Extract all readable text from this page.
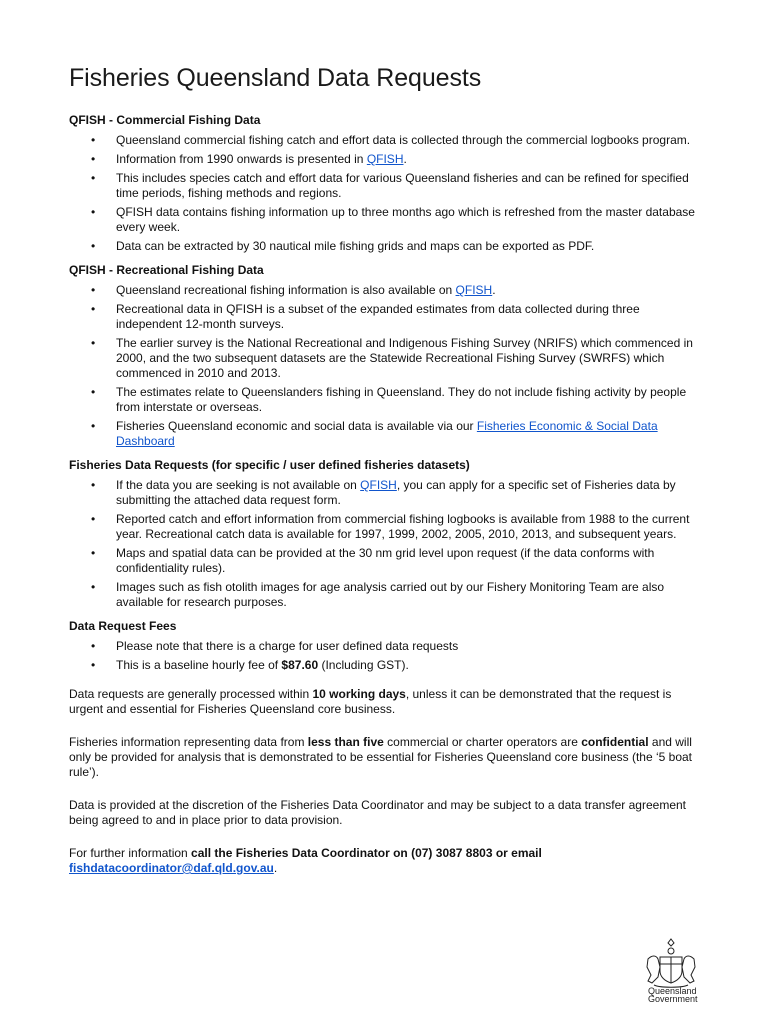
Fisheries Queensland Data Requests
QFISH - Commercial Fishing Data
• Queensland commercial fishing catch and effort data is collected through the commercial logbooks program.
• Information from 1990 onwards is presented in QFISH.
• This includes species catch and effort data for various Queensland fisheries and can be refined for specified time periods, fishing methods and regions.
• QFISH data contains fishing information up to three months ago which is refreshed from the master database every week.
• Data can be extracted by 30 nautical mile fishing grids and maps can be exported as PDF.
QFISH - Recreational Fishing Data
• Queensland recreational fishing information is also available on QFISH.
• Recreational data in QFISH is a subset of the expanded estimates from data collected during three independent 12-month surveys.
• The earlier survey is the National Recreational and Indigenous Fishing Survey (NRIFS) which commenced in 2000, and the two subsequent datasets are the Statewide Recreational Fishing Survey (SWRFS) which commenced in 2010 and 2013.
• The estimates relate to Queenslanders fishing in Queensland. They do not include fishing activity by people from interstate or overseas.
• Fisheries Queensland economic and social data is available via our Fisheries Economic & Social Data Dashboard
Fisheries Data Requests (for specific / user defined fisheries datasets)
• If the data you are seeking is not available on QFISH, you can apply for a specific set of Fisheries data by submitting the attached data request form.
• Reported catch and effort information from commercial fishing logbooks is available from 1988 to the current year. Recreational catch data is available for 1997, 1999, 2002, 2005, 2010, 2013, and subsequent years.
• Maps and spatial data can be provided at the 30 nm grid level upon request (if the data conforms with confidentiality rules).
• Images such as fish otolith images for age analysis carried out by our Fishery Monitoring Team are also available for research purposes.
Data Request Fees
• Please note that there is a charge for user defined data requests
• This is a baseline hourly fee of $87.60 (Including GST).

Data requests are generally processed within 10 working days, unless it can be demonstrated that the request is urgent and essential for Fisheries Queensland core business.

Fisheries information representing data from less than five commercial or charter operators are confidential and will only be provided for analysis that is demonstrated to be essential for Fisheries Queensland core business (the ‘5 boat rule’).

Data is provided at the discretion of the Fisheries Data Coordinator and may be subject to a data transfer agreement being agreed to and in place prior to data provision.

For further information call the Fisheries Data Coordinator on (07) 3087 8803 or email
fishdatacoordinator@daf.qld.gov.au.

Queensland
Government
